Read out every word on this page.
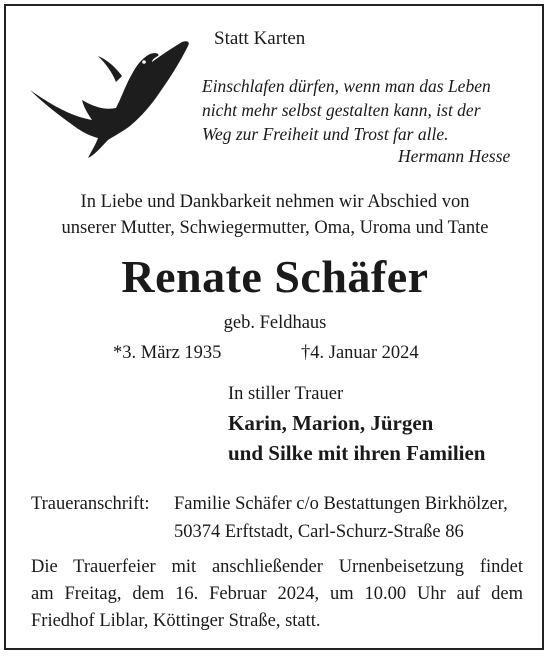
Statt Karten
Einschlafen dürfen, wenn man das Leben
nicht mehr selbst gestalten kann, ist der
Weg zur Freiheit und Trost far alle.
Hermann Hesse
In Liebe und Dankbarkeit nehmen wir Abschied von
unserer Mutter, Schwiegermutter, Oma, Uroma und Tante
Renate Schäfer
geb. Feldhaus
*3. März 1935	†4. Januar 2024
In stiller Trauer
Karin, Marion, Jürgen
und Silke mit ihren Familien
Traueranschrift: Familie Schäfer c/o Bestattungen Birkhölzer,
50374 Erftstadt, Carl-Schurz-Straße 86
Die Trauerfeier mit anschließender Urnenbeisetzung findet
am Freitag, dem 16. Februar 2024, um 10.00 Uhr auf dem
Friedhof Liblar, Köttinger Straße, statt.
